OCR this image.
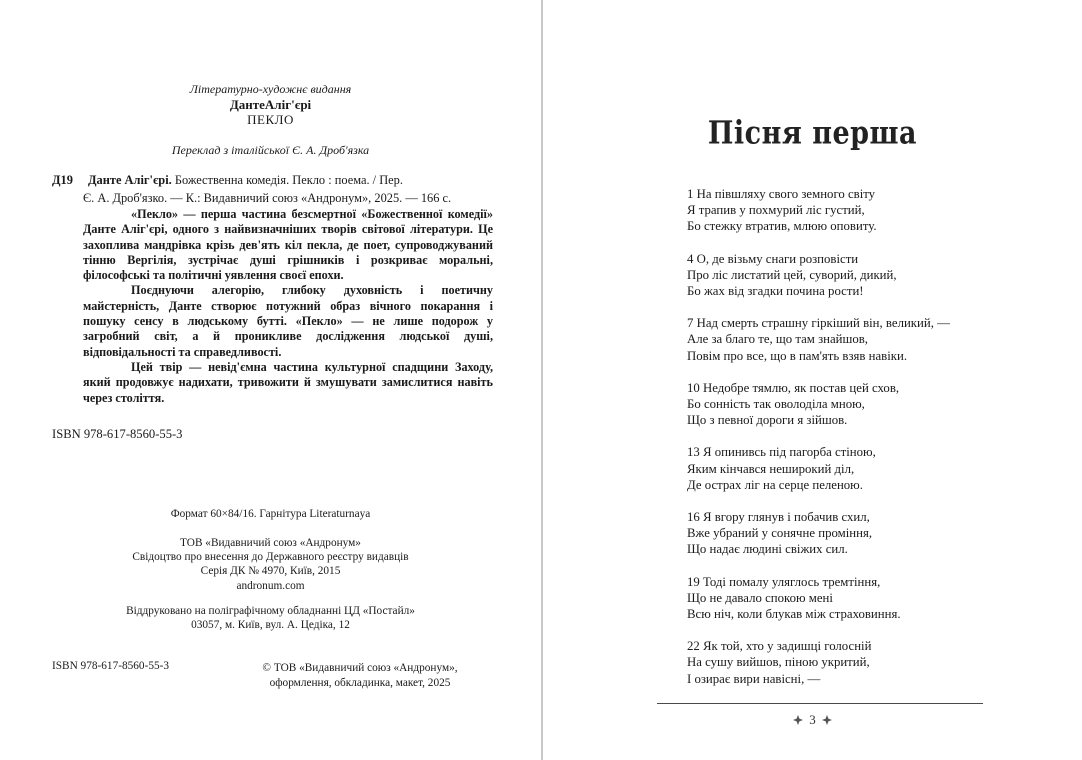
Літературно-художнє видання
ДантеАліг'єрі
ПЕКЛО
Переклад з італійської Є. А. Дроб'язка
Д19 Данте Аліг'єрі. Божественна комедія. Пекло : поема. / Пер.
Є. А. Дроб'язко. — К.: Видавничий союз «Андронум», 2025. — 166 с.

«Пекло» — перша частина безсмертної «Божественної комедії» Данте Аліг'єрі, одного з найвизначніших творів світової літератури. Це захоплива мандрівка крізь дев'ять кіл пекла, де поет, супроводжуваний тінню Вергілія, зустрічає душі грішників і розкриває моральні, філософські та політичні уявлення своєї епохи.

Поєднуючи алегорію, глибоку духовність і поетичну майстерність, Данте створює потужний образ вічного покарання і пошуку сенсу в людському бутті. «Пекло» — не лише подорож у загробний світ, а й проникливе дослідження людської душі, відповідальності та справедливості.

Цей твір — невід'ємна частина культурної спадщини Заходу, який продовжує надихати, тривожити й змушувати замислитися навіть через століття.

ISBN 978-617-8560-55-3
Формат 60×84/16. Гарнітура Literaturnaya
ТОВ «Видавничий союз «Андронум»
Свідоцтво про внесення до Державного реєстру видавців
Серія ДК № 4970, Київ, 2015
andronum.com
Віддруковано на поліграфічному обладнанні ЦД «Постайл»
03057, м. Київ, вул. А. Цедіка, 12
ISBN 978-617-8560-55-3	© ТОВ «Видавничий союз «Андронум»,
оформлення, обкладинка, макет, 2025
Пісня перша
1 На півшляху свого земного світу
Я трапив у похмурий ліс густий,
Бо стежку втратив, млюю оповиту.
4 О, де візьму снаги розповісти
Про ліс листатий цей, суворий, дикий,
Бо жах від згадки почина рости!
7 Над смерть страшну гіркіший він, великий, —
Але за благо те, що там знайшов,
Повім про все, що в пам'ять взяв навіки.
10 Недобре тямлю, як постав цей схов,
Бо сонність так оволоділа мною,
Що з певної дороги я зійшов.
13 Я опинивсь під пагорба стіною,
Яким кінчався неширокий діл,
Де острах ліг на серце пеленою.
16 Я вгору глянув і побачив схил,
Вже убраний у сонячне проміння,
Що надає людині свіжих сил.
19 Тоді помалу уляглось тремтіння,
Що не давало спокою мені
Всю ніч, коли блукав між страховиння.
22 Як той, хто у задишці голосній
На сушу вийшов, піною укритий,
І озирає вири навісні, —
3
